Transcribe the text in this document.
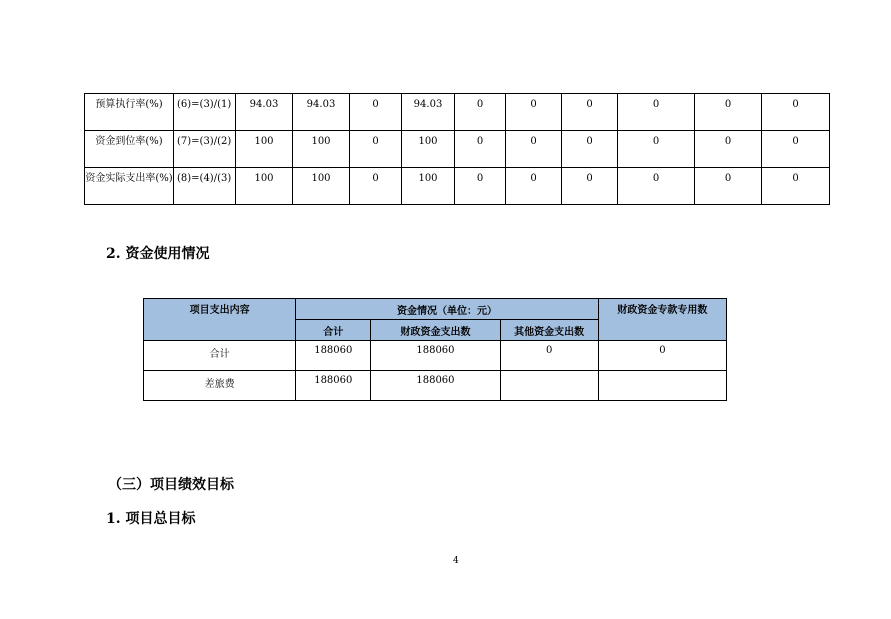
预算执行率(%)	(6)=(3)/(1)	94.03	94.03	0	94.03	0	0	0	0	0	0
资金到位率(%)	(7)=(3)/(2)	100	100	0	100	0	0	0	0	0	0
资金实际支出率(%)	(8)=(4)/(3)	100	100	0	100	0	0	0	0	0	0
2. 资金使用情况
项目支出内容	资金情况（单位：元）			财政资金专款专用数
	合计	财政资金支出数	其他资金支出数	
合计	188060	188060	0	0
差旅费	188060	188060		
（三）项目绩效目标
1. 项目总目标
4
